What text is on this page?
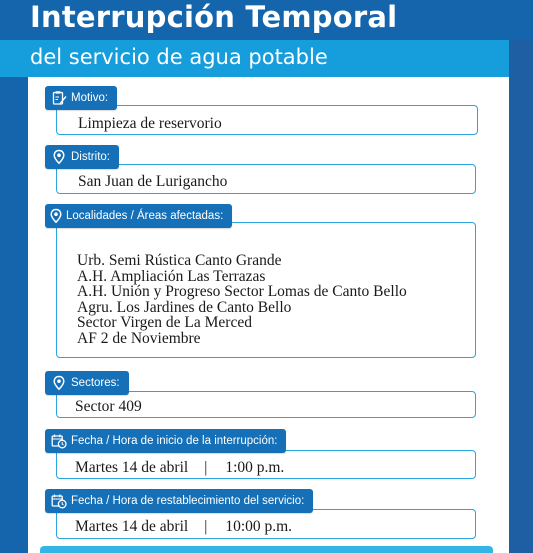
Interrupción Temporal
del servicio de agua potable
Limpieza de reservorio
Motivo:
San Juan de Lurigancho
Distrito:
Urb. Semi Rústica Canto Grande
A.H. Ampliación Las Terrazas
A.H. Unión y Progreso Sector Lomas de Canto Bello
Agru. Los Jardines de Canto Bello
Sector Virgen de La Merced
AF 2 de Noviembre
Localidades / Áreas afectadas:
Sector 409
Sectores:
Martes 14 de abril | 1:00 p.m.
Fecha / Hora de inicio de la interrupción:
Martes 14 de abril | 10:00 p.m.
Fecha / Hora de restablecimiento del servicio:
